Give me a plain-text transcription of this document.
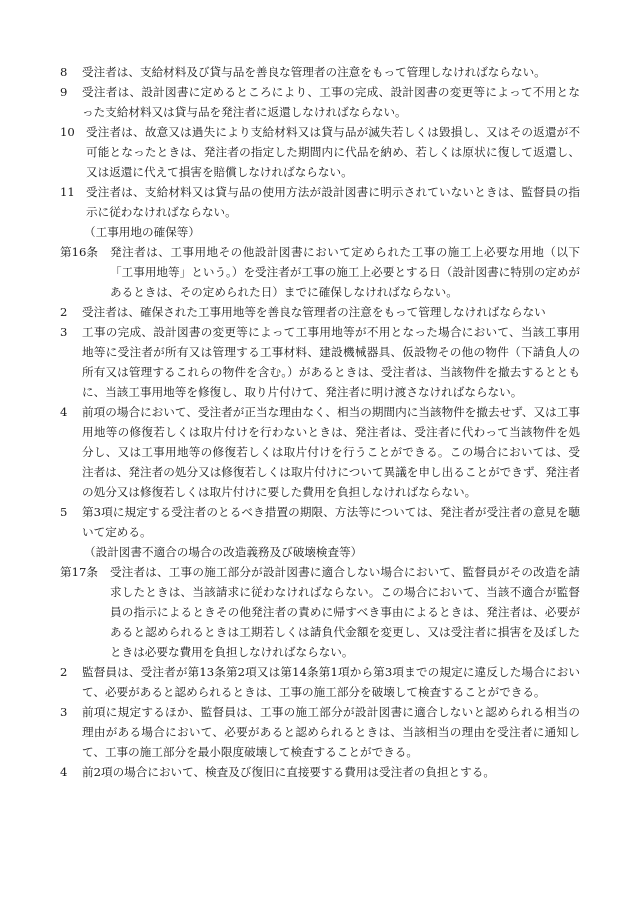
8	受注者は、支給材料及び貸与品を善良な管理者の注意をもって管理しなければならない。
9	受注者は、設計図書に定めるところにより、工事の完成、設計図書の変更等によって不用となった支給材料又は貸与品を発注者に返還しなければならない。
10 受注者は、故意又は過失により支給材料又は貸与品が滅失若しくは毀損し、又はその返還が不可能となったときは、発注者の指定した期間内に代品を納め、若しくは原状に復して返還し、又は返還に代えて損害を賠償しなければならない。
11 受注者は、支給材料又は貸与品の使用方法が設計図書に明示されていないときは、監督員の指示に従わなければならない。
（工事用地の確保等）
第16条	発注者は、工事用地その他設計図書において定められた工事の施工上必要な用地（以下「工事用地等」という。）を受注者が工事の施工上必要とする日（設計図書に特別の定めがあるときは、その定められた日）までに確保しなければならない。
2	受注者は、確保された工事用地等を善良な管理者の注意をもって管理しなければならない
3	工事の完成、設計図書の変更等によって工事用地等が不用となった場合において、当該工事用地等に受注者が所有又は管理する工事材料、建設機械器具、仮設物その他の物件（下請負人の所有又は管理するこれらの物件を含む。）があるときは、受注者は、当該物件を撤去するとともに、当該工事用地等を修復し、取り片付けて、発注者に明け渡さなければならない。
4	前項の場合において、受注者が正当な理由なく、相当の期間内に当該物件を撤去せず、又は工事用地等の修復若しくは取片付けを行わないときは、発注者は、受注者に代わって当該物件を処分し、又は工事用地等の修復若しくは取片付けを行うことができる。この場合においては、受注者は、発注者の処分又は修復若しくは取片付けについて異議を申し出ることができず、発注者の処分又は修復若しくは取片付けに要した費用を負担しなければならない。
5	第3項に規定する受注者のとるべき措置の期限、方法等については、発注者が受注者の意見を聴いて定める。
（設計図書不適合の場合の改造義務及び破壊検査等）
第17条	受注者は、工事の施工部分が設計図書に適合しない場合において、監督員がその改造を請求したときは、当該請求に従わなければならない。この場合において、当該不適合が監督員の指示によるときその他発注者の責めに帰すべき事由によるときは、発注者は、必要があると認められるときは工期若しくは請負代金額を変更し、又は受注者に損害を及ぼしたときは必要な費用を負担しなければならない。
2	監督員は、受注者が第13条第2項又は第14条第1項から第3項までの規定に違反した場合において、必要があると認められるときは、工事の施工部分を破壊して検査することができる。
3	前項に規定するほか、監督員は、工事の施工部分が設計図書に適合しないと認められる相当の理由がある場合において、必要があると認められるときは、当該相当の理由を受注者に通知して、工事の施工部分を最小限度破壊して検査することができる。
4	前2項の場合において、検査及び復旧に直接要する費用は受注者の負担とする。
